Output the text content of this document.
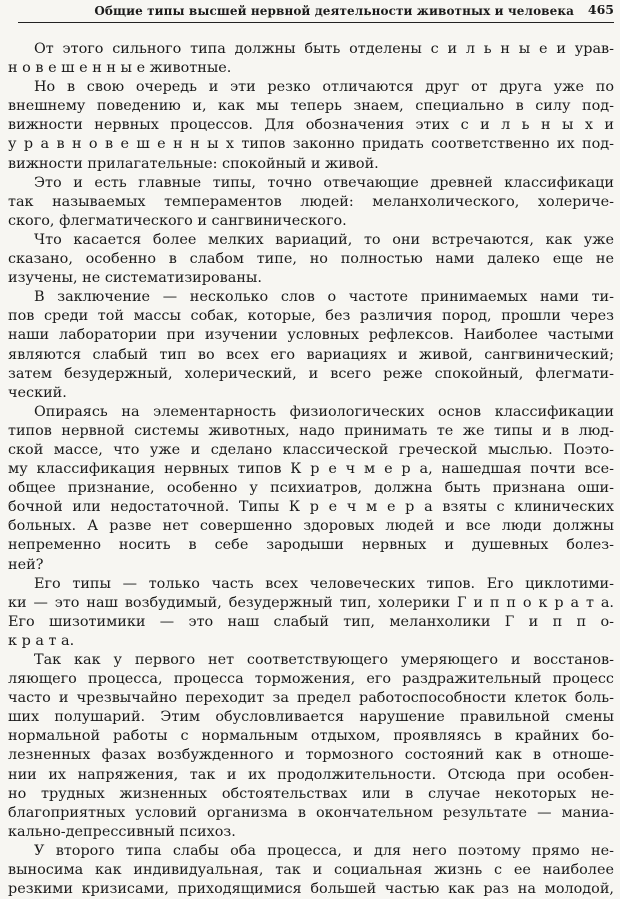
Общие типы высшей нервной деятельности животных и человека 465
От этого сильного типа должны быть отделены с и л ь н ы е и урав-
н о в е ш е н н ы е животные.
Но в свою очередь и эти резко отличаются друг от друга уже по
внешнему поведению и, как мы теперь знаем, специально в силу под-
вижности нервных процессов. Для обозначения этих с и л ь н ы х и
у р а в н о в е ш е н н ы х типов законно придать соответственно их под-
вижности прилагательные: спокойный и живой.
Это и есть главные типы, точно отвечающие древней классификаци
так называемых темпераментов людей: меланхолического, холериче-
ского, флегматического и сангвинического.
Что касается более мелких вариаций, то они встречаются, как уже
сказано, особенно в слабом типе, но полностью нами далеко еще не
изучены, не систематизированы.
В заключение — несколько слов о частоте принимаемых нами ти-
пов среди той массы собак, которые, без различия пород, прошли через
наши лаборатории при изучении условных рефлексов. Наиболее частыми
являются слабый тип во всех его вариациях и живой, сангвинический;
затем безудержный, холерический, и всего реже спокойный, флегмати-
ческий.
Опираясь на элементарность физиологических основ классификации
типов нервной системы животных, надо принимать те же типы и в люд-
ской массе, что уже и сделано классической греческой мыслью. Поэто-
му классификация нервных типов К р е ч м е р а, нашедшая почти все-
общее признание, особенно у психиатров, должна быть признана оши-
бочной или недостаточной. Типы К р е ч м е р а взяты с клинических
больных. А разве нет совершенно здоровых людей и все люди должны
непременно носить в себе зародыши нервных и душевных болез-
ней?
Его типы — только часть всех человеческих типов. Его циклотими-
ки — это наш возбудимый, безудержный тип, холерики Г и п п о к р а т а.
Его шизотимики — это наш слабый тип, меланхолики Г и п п о-
к р а т а.
Так как у первого нет соответствующего умеряющего и восстанов-
ляющего процесса, процесса торможения, его раздражительный процесс
часто и чрезвычайно переходит за предел работоспособности клеток боль-
ших полушарий. Этим обусловливается нарушение правильной смены
нормальной работы с нормальным отдыхом, проявляясь в крайних бо-
лезненных фазах возбужденного и тормозного состояний как в отноше-
нии их напряжения, так и их продолжительности. Отсюда при особен-
но трудных жизненных обстоятельствах или в случае некоторых не-
благоприятных условий организма в окончательном результате — маниа-
кально-депрессивный психоз.
У второго типа слабы оба процесса, и для него поэтому прямо не-
выносима как индивидуальная, так и социальная жизнь с ее наиболее
резкими кризисами, приходящимися большей частью как раз на молодой,
